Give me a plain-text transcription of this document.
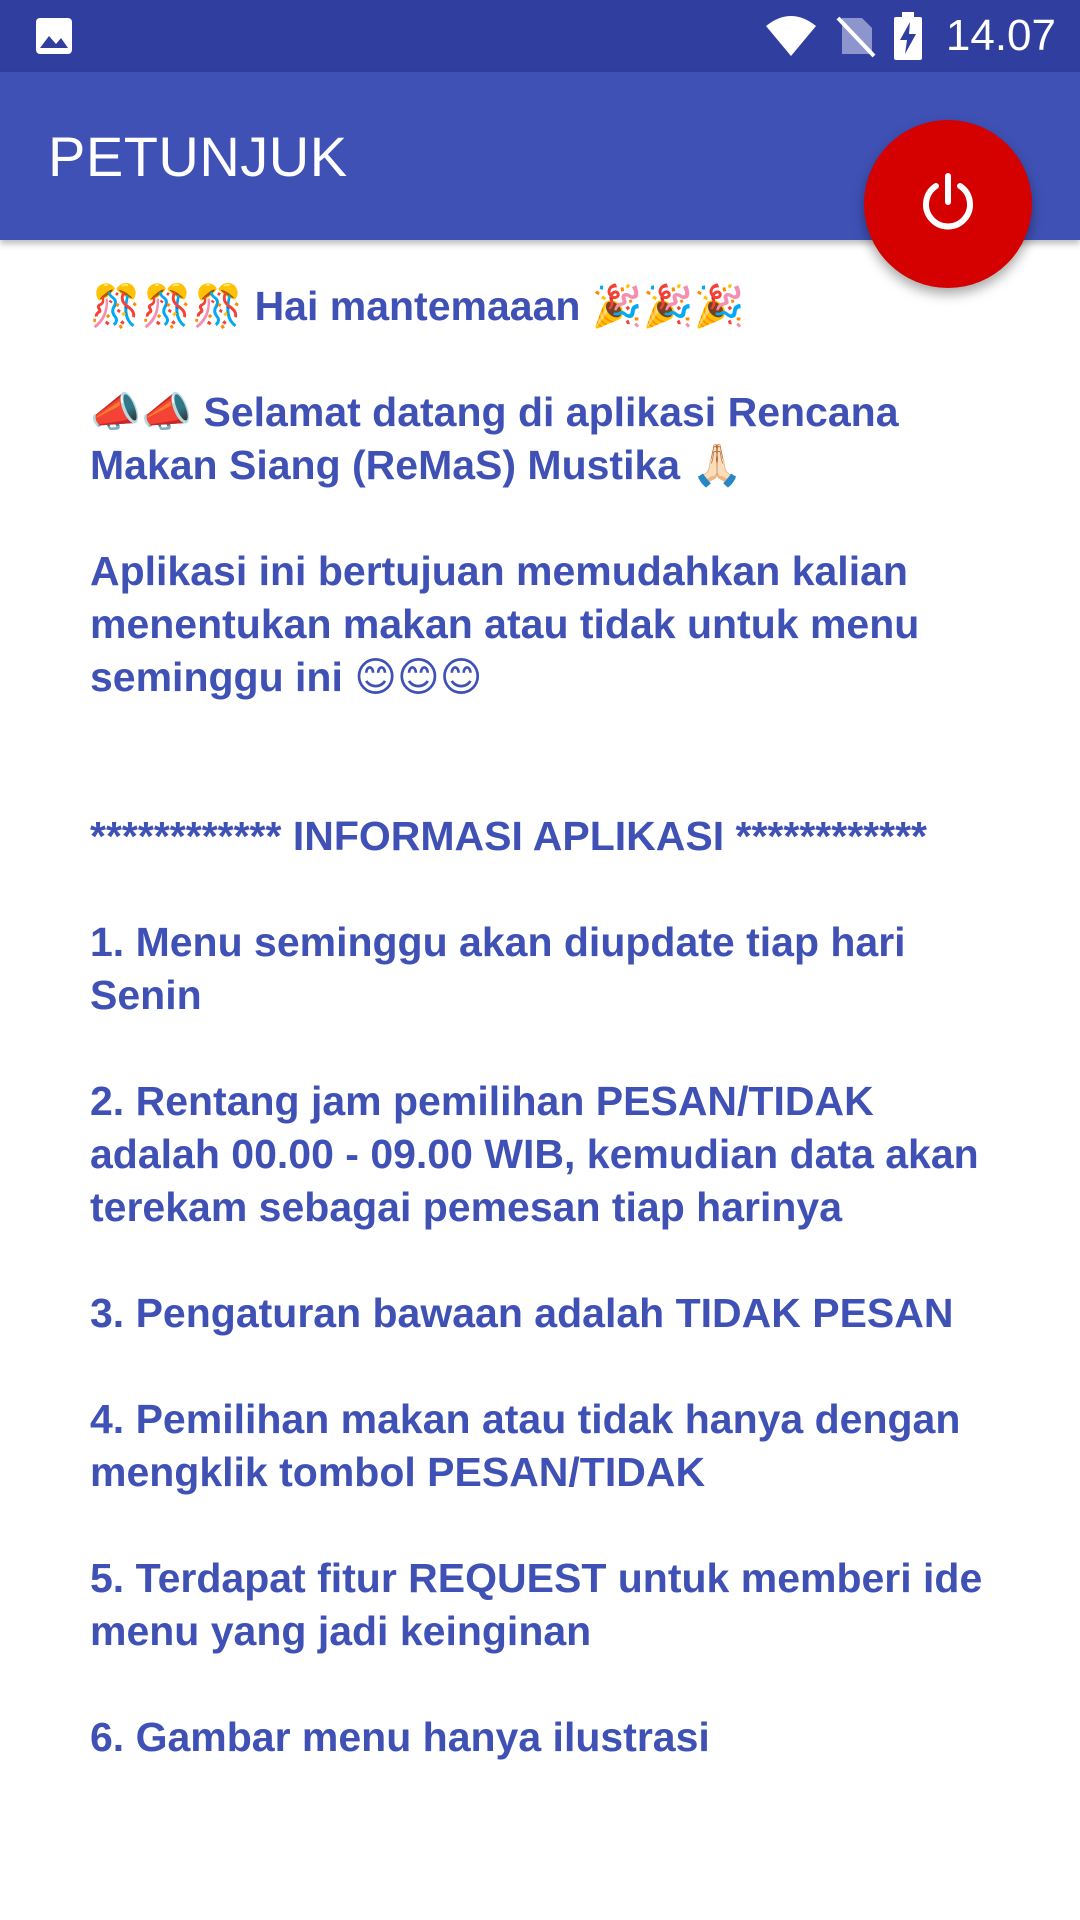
14.07
PETUNJUK

🎊🎊🎊 Hai mantemaaan 🎉🎉🎉

📣📣 Selamat datang di aplikasi Rencana Makan Siang (ReMaS) Mustika 🙏🏻

Aplikasi ini bertujuan memudahkan kalian menentukan makan atau tidak untuk menu seminggu ini 😊😊😊

************ INFORMASI APLIKASI ************

1. Menu seminggu akan diupdate tiap hari Senin

2. Rentang jam pemilihan PESAN/TIDAK adalah 00.00 - 09.00 WIB, kemudian data akan terekam sebagai pemesan tiap harinya

3. Pengaturan bawaan adalah TIDAK PESAN

4. Pemilihan makan atau tidak hanya dengan mengklik tombol PESAN/TIDAK

5. Terdapat fitur REQUEST untuk memberi ide menu yang jadi keinginan

6. Gambar menu hanya ilustrasi
